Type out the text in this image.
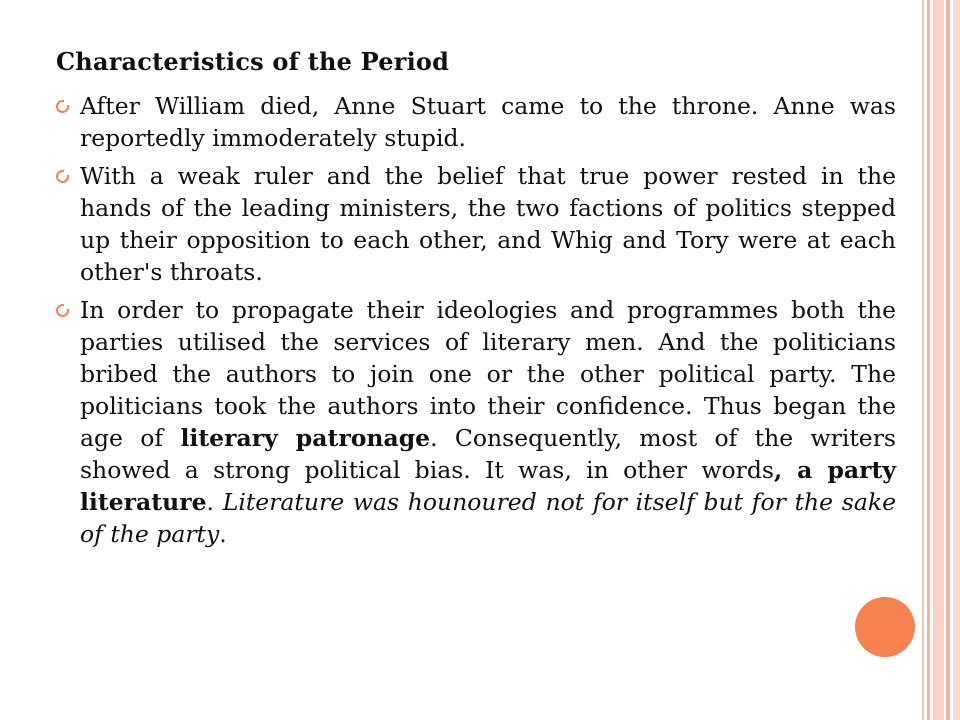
Characteristics of the Period
After William died, Anne Stuart came to the throne. Anne was reportedly immoderately stupid.
With a weak ruler and the belief that true power rested in the hands of the leading ministers, the two factions of politics stepped up their opposition to each other, and Whig and Tory were at each other's throats.
In order to propagate their ideologies and programmes both the parties utilised the services of literary men. And the politicians bribed the authors to join one or the other political party. The politicians took the authors into their confidence. Thus began the age of literary patronage. Consequently, most of the writers showed a strong political bias. It was, in other words, a party literature. Literature was hounoured not for itself but for the sake of the party.
